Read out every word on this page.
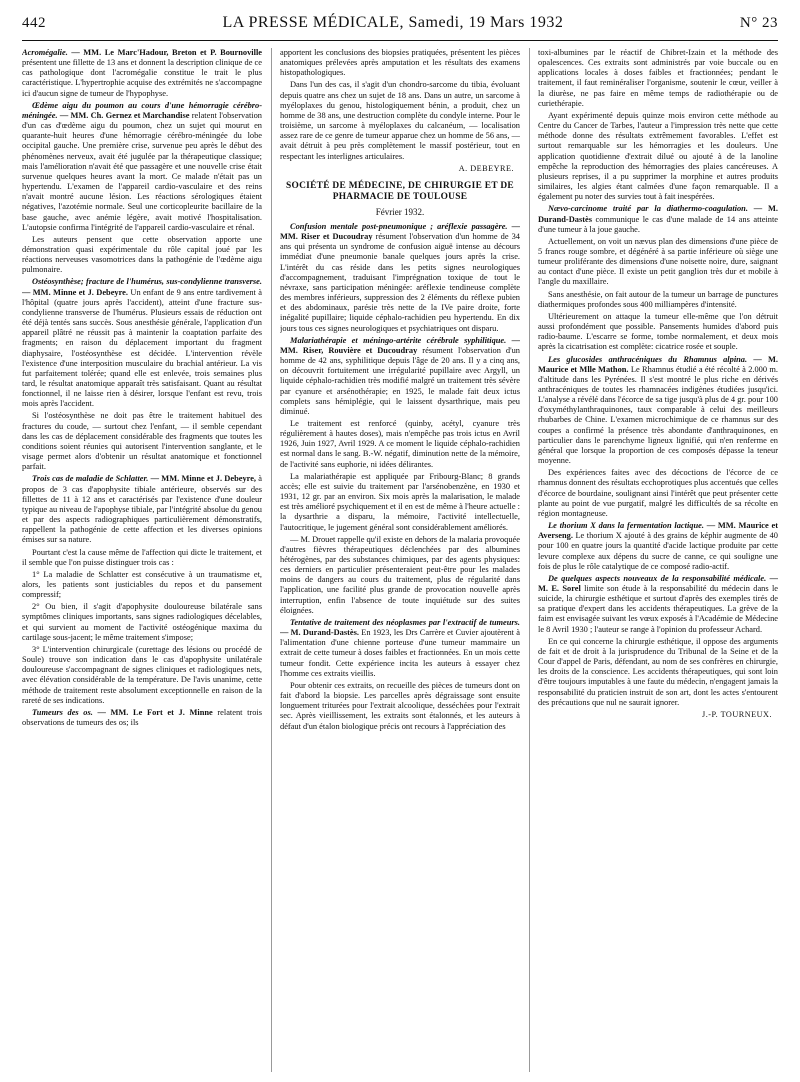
442	LA PRESSE MÉDICALE, Samedi, 19 Mars 1932	N° 23

Acromégalie. — MM. Le Marc'Hadour, Breton et P. Bournoville présentent une fillette de 13 ans et donnent la description clinique de ce cas pathologique dont l'acromégalie constitue le trait le plus caractéristique. L'hypertrophie acquise des extrémités ne s'accompagne ici d'aucun signe de tumeur de l'hypophyse.

Œdème aigu du poumon au cours d'une hémorragie cérébro-méningée. — MM. Ch. Gernez et Marchandise relatent l'observation d'un cas d'œdème aigu du poumon, chez un sujet qui mourut en quarante-huit heures d'une hémorragie cérébro-méningée du lobe occipital gauche. Une première crise, survenue peu après le début des phénomènes nerveux, avait été jugulée par la thérapeutique classique; mais l'amélioration n'avait été que passagère et une nouvelle crise était survenue quelques heures avant la mort. Ce malade n'était pas un hypertendu. L'examen de l'appareil cardio-vasculaire et des reins n'avait montré aucune lésion. Les réactions sérologiques étaient négatives, l'azotémie normale. Seul une corticopleurite bacillaire de la base gauche, avec anémie légère, avait motivé l'hospitalisation. L'autopsie confirma l'intégrité de l'appareil cardio-vasculaire et rénal.

Les auteurs pensent que cette observation apporte une démonstration quasi expérimentale du rôle capital joué par les réactions nerveuses vasomotrices dans la pathogénie de l'œdème aigu pulmonaire.

Ostéosynthèse; fracture de l'humérus, sus-condylienne transverse. — MM. Minne et J. Debeyre. Un enfant de 9 ans entre tardivement à l'hôpital (quatre jours après l'accident), atteint d'une fracture sus-condylienne transverse de l'humérus. Plusieurs essais de réduction ont été déjà tentés sans succès. Sous anesthésie générale, l'application d'un appareil plâtré ne réussit pas à maintenir la coaptation parfaite des fragments; en raison du déplacement important du fragment diaphysaire, l'ostéosynthèse est décidée. L'intervention révèle l'existence d'une interposition musculaire du brachial antérieur. La vis fut parfaitement tolérée; quand elle est enlevée, trois semaines plus tard, le résultat anatomique apparaît très satisfaisant. Quant au résultat fonctionnel, il ne laisse rien à désirer, lorsque l'enfant est revu, trois mois après l'accident.

Si l'ostéosynthèse ne doit pas être le traitement habituel des fractures du coude, — surtout chez l'enfant, — il semble cependant dans les cas de déplacement considérable des fragments que toutes les conditions soient réunies qui autorisent l'intervention sanglante, et le visage permet alors d'obtenir un résultat anatomique et fonctionnel parfait.

Trois cas de maladie de Schlatter. — MM. Minne et J. Debeyre, à propos de 3 cas d'apophysite tibiale antérieure, observés sur des fillettes de 11 à 12 ans et caractérisés par l'existence d'une douleur typique au niveau de l'apophyse tibiale, par l'intégrité absolue du genou et par des aspects radiographiques particulièrement démonstratifs, rappellent la pathogénie de cette affection et les diverses opinions émises sur sa nature.

Pourtant c'est la cause même de l'affection qui dicte le traitement, et il semble que l'on puisse distinguer trois cas :

1° La maladie de Schlatter est consécutive à un traumatisme et, alors, les patients sont justiciables du repos et du pansement compressif;

2° Ou bien, il s'agit d'apophysite douloureuse bilatérale sans symptômes cliniques importants, sans signes radiologiques décelables, et qui survient au moment de l'activité ostéogénique maxima du cartilage sous-jacent; le même traitement s'impose;

3° L'intervention chirurgicale (curettage des lésions ou procédé de Soule) trouve son indication dans le cas d'apophysite unilatérale douloureuse s'accompagnant de signes cliniques et radiologiques nets, avec élévation considérable de la température. De l'avis unanime, cette méthode de traitement reste absolument exceptionnelle en raison de la rareté de ses indications.

Tumeurs des os. — MM. Le Fort et J. Minne relatent trois observations de tumeurs des os; ils

apportent les conclusions des biopsies pratiquées, présentent les pièces anatomiques prélevées après amputation et les résultats des examens histopathologiques.

Dans l'un des cas, il s'agit d'un chondro-sarcome du tibia, évoluant depuis quatre ans chez un sujet de 18 ans. Dans un autre, un sarcome à myéloplaxes du genou, histologiquement bénin, a produit, chez un homme de 38 ans, une destruction complète du condyle interne. Pour le troisième, un sarcome à myéloplaxes du calcanéum, — localisation assez rare de ce genre de tumeur apparue chez un homme de 56 ans, — avait détruit à peu près complètement le massif postérieur, tout en respectant les interlignes articulaires.

A. DEBEYRE.
SOCIÉTÉ DE MÉDECINE, DE CHIRURGIE ET DE PHARMACIE DE TOULOUSE
Février 1932.

Confusion mentale post-pneumonique ; aréflexie passagère. — MM. Riser et Ducoudray résument l'observation d'un homme de 34 ans qui présenta un syndrome de confusion aiguë intense au décours immédiat d'une pneumonie banale quelques jours après la crise. L'intérêt du cas réside dans les petits signes neurologiques d'accompagnement, traduisant l'imprégnation toxique de tout le névraxe, sans participation méningée: aréflexie tendineuse complète des membres inférieurs, suppression des 2 éléments du réflexe pubien et des abdominaux, parésie très nette de la IVe paire droite, forte inégalité pupillaire; liquide céphalo-rachidien peu hypertendu. En dix jours tous ces signes neurologiques et psychiatriques ont disparu.

Malariathérapie et méningo-artérite cérébrale syphilitique. — MM. Riser, Rouvière et Ducoudray résument l'observation d'un homme de 42 ans, syphilitique depuis l'âge de 20 ans. Il y a cinq ans, on découvrit fortuitement une irrégularité pupillaire avec Argyll, un liquide céphalo-rachidien très modifié malgré un traitement très sévère par cyanure et arsénothérapie; en 1925, le malade fait deux ictus complets sans hémiplégie, qui le laissent dysarthrique, mais peu diminué.

Le traitement est renforcé (quinby, acétyl, cyanure très régulièrement à hautes doses), mais n'empêche pas trois ictus en Avril 1926, Juin 1927, Avril 1929. A ce moment le liquide céphalo-rachidien est normal dans le sang. B.-W. négatif, diminution nette de la mémoire, de l'activité sans euphorie, ni idées délirantes.

La malariathérapie est appliquée par Fribourg-Blanc; 8 grands accès; elle est suivie du traitement par l'arsénobenzène, en 1930 et 1931, 12 gr. par an environ. Six mois après la malarisation, le malade est très amélioré psychiquement et il en est de même à l'heure actuelle : la dysarthrie a disparu, la mémoire, l'activité intellectuelle, l'autocritique, le jugement général sont considérablement améliorés.

— M. Drouet rappelle qu'il existe en dehors de la malaria provoquée d'autres fièvres thérapeutiques déclenchées par des albumines hétérogènes, par des substances chimiques, par des agents physiques: ces derniers en particulier présenteraient peut-être pour les malades moins de dangers au cours du traitement, plus de régularité dans l'application, une facilité plus grande de provocation nouvelle après interruption, enfin l'absence de toute inquiétude sur des suites éloignées.

Tentative de traitement des néoplasmes par l'extractif de tumeurs. — M. Durand-Dastès. En 1923, les Drs Carrère et Cuvier ajoutèrent à l'alimentation d'une chienne porteuse d'une tumeur mammaire un extrait de cette tumeur à doses faibles et fractionnées. En un mois cette tumeur fondit. Cette expérience incita les auteurs à essayer chez l'homme ces extraits vieillis.

Pour obtenir ces extraits, on recueille des pièces de tumeurs dont on fait d'abord la biopsie. Les parcelles après dégraissage sont ensuite longuement triturées pour l'extrait alcoolique, desséchées pour l'extrait sec. Après vieillissement, les extraits sont étalonnés, et les auteurs à défaut d'un étalon biologique précis ont recours à l'appréciation des

toxi-albumines par le réactif de Chibret-Izain et la méthode des opalescences. Ces extraits sont administrés par voie buccale ou en applications locales à doses faibles et fractionnées; pendant le traitement, il faut reminéraliser l'organisme, soutenir le cœur, veiller à la diurèse, ne pas faire en même temps de radiothérapie ou de curiethérapie.

Ayant expérimenté depuis quinze mois environ cette méthode au Centre du Cancer de Tarbes, l'auteur a l'impression très nette que cette méthode donne des résultats extrêmement favorables. L'effet est surtout remarquable sur les hémorragies et les douleurs. Une application quotidienne d'extrait dilué ou ajouté à de la lanoline empêche la reproduction des hémorragies des plaies cancéreuses. A plusieurs reprises, il a pu supprimer la morphine et autres produits similaires, les algies étant calmées d'une façon remarquable. Il a également pu noter des survies tout à fait inespérées.

Nævo-carcinome traité par la diathermo-coagulation. — M. Durand-Dastès communique le cas d'une malade de 14 ans atteinte d'une tumeur à la joue gauche.

Actuellement, on voit un nævus plan des dimensions d'une pièce de 5 francs rouge sombre, et dégénéré à sa partie inférieure où siège une tumeur proliférante des dimensions d'une noisette noire, dure, saignant au contact d'une pièce. Il existe un petit ganglion très dur et mobile à l'angle du maxillaire.

Sans anesthésie, on fait autour de la tumeur un barrage de punctures diathermiques profondes sous 400 milliampères d'intensité.

Ultérieurement on attaque la tumeur elle-même que l'on détruit aussi profondément que possible. Pansements humides d'abord puis radio-baume. L'escarre se forme, tombe normalement, et deux mois après la cicatrisation est complète: cicatrice rosée et souple.

Les glucosides anthracéniques du Rhamnus alpina. — M. Maurice et Mlle Mathon. Le Rhamnus étudié a été récolté à 2.000 m. d'altitude dans les Pyrénées. Il s'est montré le plus riche en dérivés anthracéniques de toutes les rhamnacées indigènes étudiées jusqu'ici. L'analyse a révélé dans l'écorce de sa tige jusqu'à plus de 4 gr. pour 100 d'oxyméthylanthraquinones, taux comparable à celui des meilleurs rhubarbes de Chine. L'examen microchimique de ce rhamnus sur des coupes a confirmé la présence très abondante d'anthraquinones, en particulier dans le parenchyme ligneux lignifié, qui n'en renferme en général que lorsque la proportion de ces composés dépasse la teneur moyenne.

Des expériences faites avec des décoctions de l'écorce de ce rhamnus donnent des résultats ecchoprotiques plus accentués que celles d'écorce de bourdaine, soulignant ainsi l'intérêt que peut présenter cette plante au point de vue purgatif, malgré les difficultés de sa récolte en région montagneuse.

Le thorium X dans la fermentation lactique. — MM. Maurice et Averseng. Le thorium X ajouté à des grains de képhir augmente de 40 pour 100 en quatre jours la quantité d'acide lactique produite par cette levure complexe aux dépens du sucre de canne, ce qui souligne une fois de plus le rôle catalytique de ce composé radio-actif.

De quelques aspects nouveaux de la responsabilité médicale. — M. E. Sorel limite son étude à la responsabilité du médecin dans le suicide, la chirurgie esthétique et surtout d'après des exemples tirés de sa pratique d'expert dans les accidents thérapeutiques. La grève de la faim est envisagée suivant les vœux exposés à l'Académie de Médecine le 8 Avril 1930 ; l'auteur se range à l'opinion du professeur Achard.

En ce qui concerne la chirurgie esthétique, il oppose des arguments de fait et de droit à la jurisprudence du Tribunal de la Seine et de la Cour d'appel de Paris, défendant, au nom de ses confrères en chirurgie, les droits de la conscience. Les accidents thérapeutiques, qui sont loin d'être toujours imputables à une faute du médecin, n'engagent jamais la responsabilité du praticien instruit de son art, dont les actes s'entourent des précautions que nul ne saurait ignorer.

J.-P. TOURNEUX.
